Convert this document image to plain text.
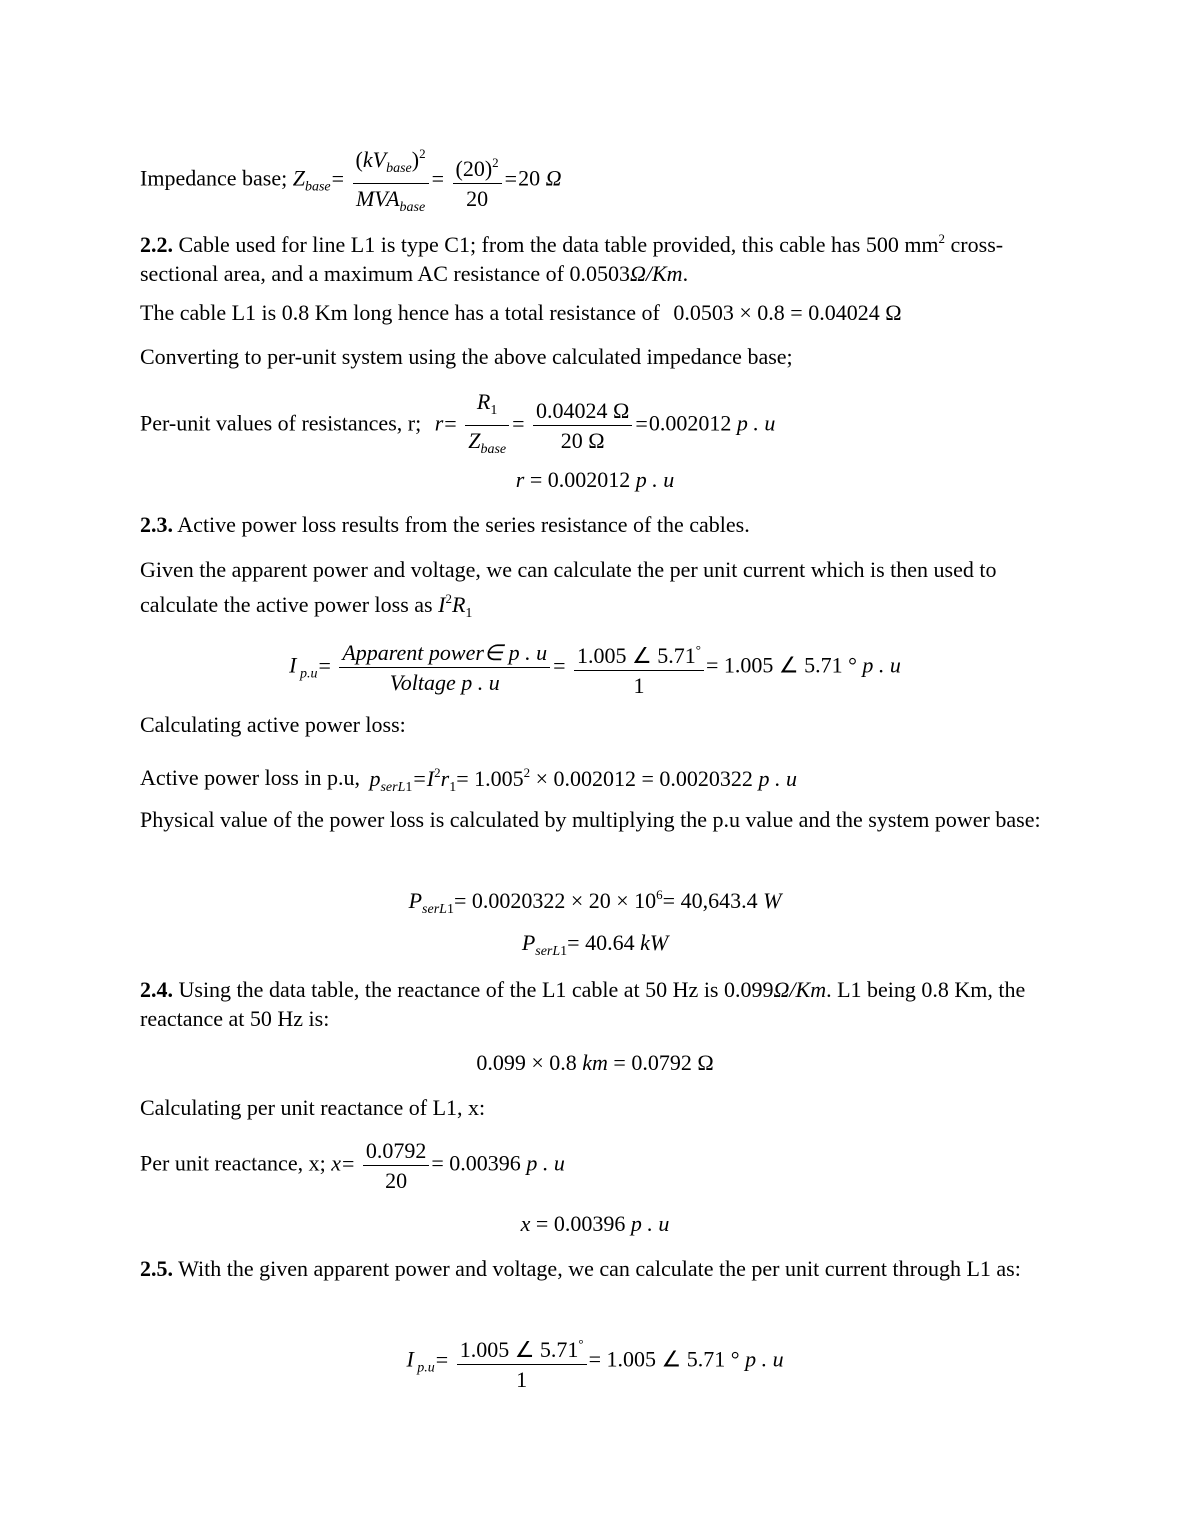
Impedance base; $Z_{base}= \frac{(kV_{base})^2}{MVA_{base}} = \frac{(20)^2}{20} =20$ Ω
2.2. Cable used for line L1 is type C1; from the data table provided, this cable has 500 $mm^2$ cross-sectional area, and a maximum AC resistance of 0.0503Ω/Km.
The cable L1 is 0.8 Km long hence has a total resistance of 0.0503 × 0.8 = 0.04024 Ω
Converting to per-unit system using the above calculated impedance base;
Per-unit values of resistances, r; $r= \frac{R_1}{Z_{base}} = \frac{0.04024 \Omega}{20 \Omega} =0.002012$ p . u
r = 0.002012 p . u
2.3. Active power loss results from the series resistance of the cables.
Given the apparent power and voltage, we can calculate the per unit current which is then used to calculate the active power loss as $I^2R_1$
I $_{p.u}= \frac{\text{Apparent power∈ p . u}}{\text{Voltage p . u}} = \frac{1.005 \angle 5.71^\circ}{1} = 1.005$ ∠ 5.71 ° p . u
Calculating active power loss:
Active power loss in p.u, $p_{serL1}=I^2r_1= 1.005^2 \times 0.002012 = 0.0020322$ p . u
Physical value of the power loss is calculated by multiplying the p.u value and the system power base:
$P_{serL1}= 0.0020322 \times 20 \times 10^6= 40,643.4$ W
$P_{serL1}= 40.64$ kW
2.4. Using the data table, the reactance of the L1 cable at 50 Hz is 0.099Ω/Km. L1 being 0.8 Km, the reactance at 50 Hz is:
0.099 × 0.8 km = 0.0792 Ω
Calculating per unit reactance of L1, x:
Per unit reactance, x; $x= \frac{0.0792}{20} = 0.00396$ p . u
x = 0.00396 p . u
2.5. With the given apparent power and voltage, we can calculate the per unit current through L1 as:
I $_{p.u}= \frac{1.005 \angle 5.71^\circ}{1} = 1.005$ ∠ 5.71 ° p . u
